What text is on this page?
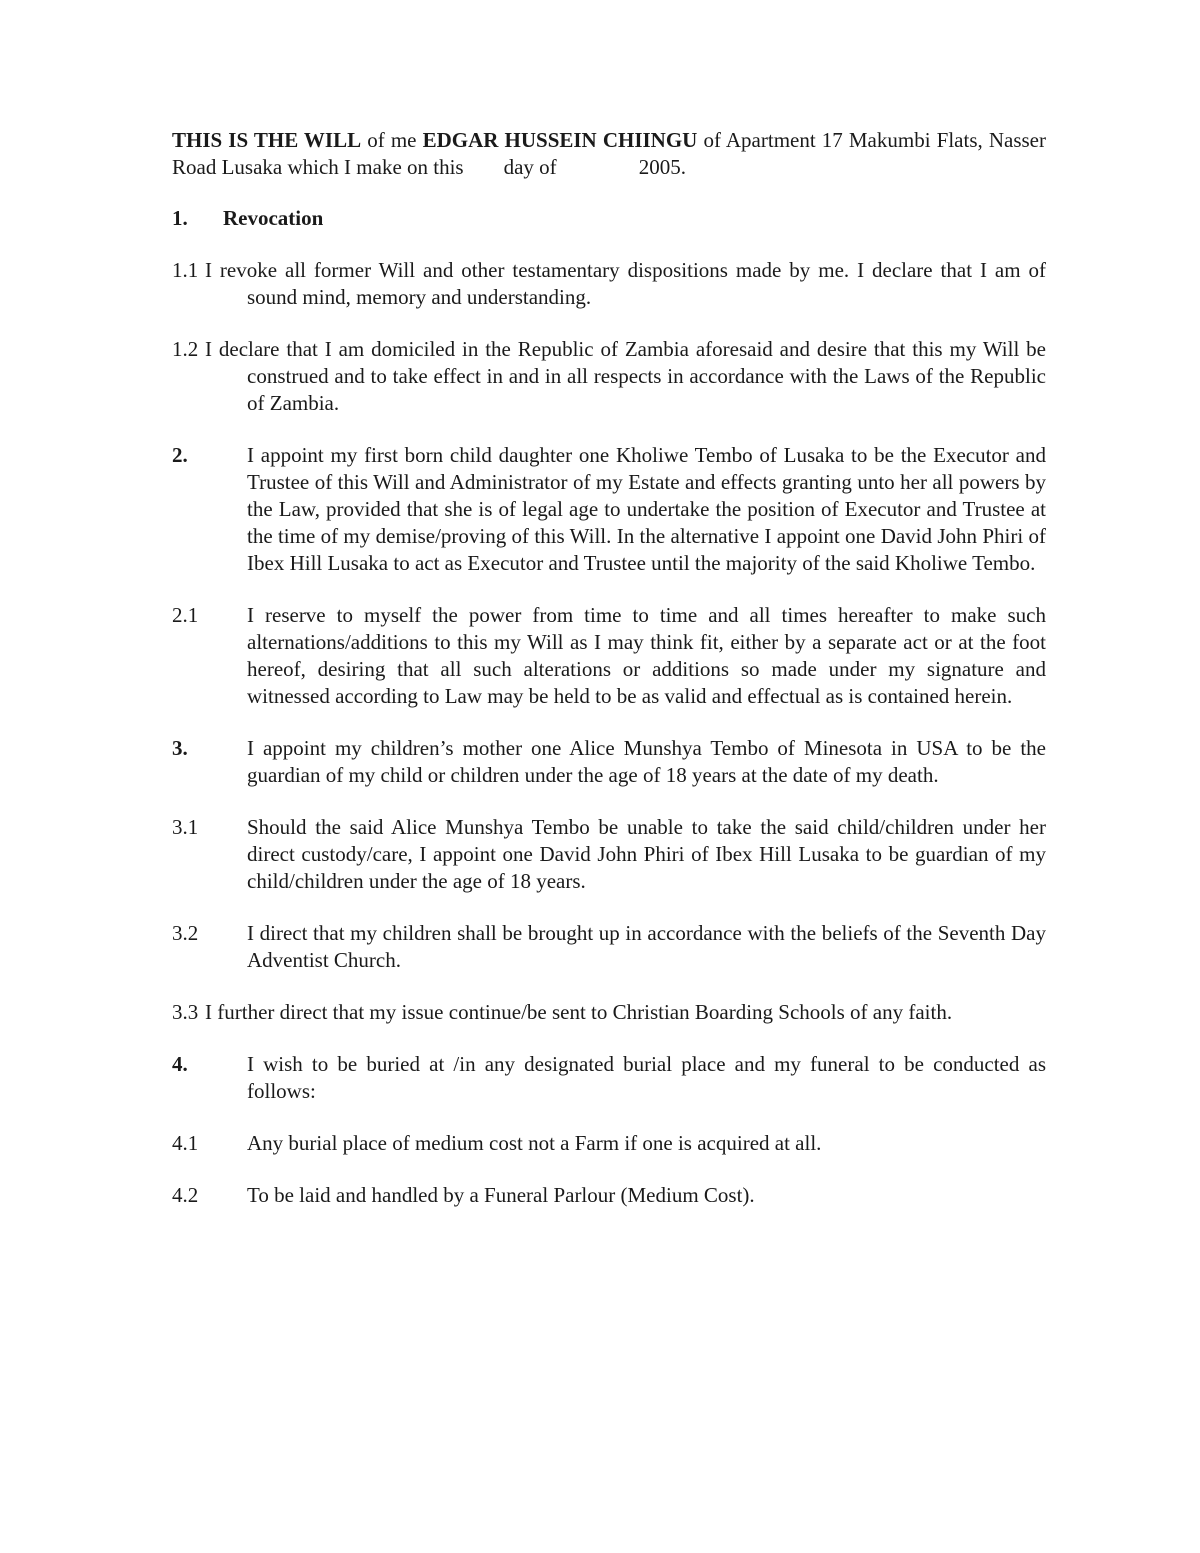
THIS IS THE WILL of me EDGAR HUSSEIN CHIINGU of Apartment 17 Makumbi Flats, Nasser Road Lusaka which I make on this day of	2005.

1. Revocation
1.1 I revoke all former Will and other testamentary dispositions made by me. I declare that I am of sound mind, memory and understanding.
1.2 I declare that I am domiciled in the Republic of Zambia aforesaid and desire that this my Will be construed and to take effect in and in all respects in accordance with the Laws of the Republic of Zambia.
2.	I appoint my first born child daughter one Kholiwe Tembo of Lusaka to be the Executor and Trustee of this Will and Administrator of my Estate and effects granting unto her all powers by the Law, provided that she is of legal age to undertake the position of Executor and Trustee at the time of my demise/proving of this Will. In the alternative I appoint one David John Phiri of Ibex Hill Lusaka to act as Executor and Trustee until the majority of the said Kholiwe Tembo.
2.1 I reserve to myself the power from time to time and all times hereafter to make such alternations/additions to this my Will as I may think fit, either by a separate act or at the foot hereof, desiring that all such alterations or additions so made under my signature and witnessed according to Law may be held to be as valid and effectual as is contained herein.
3.	I appoint my children’s mother one Alice Munshya Tembo of Minesota in USA to be the guardian of my child or children under the age of 18 years at the date of my death.
3.1 Should the said Alice Munshya Tembo be unable to take the said child/children under her direct custody/care, I appoint one David John Phiri of Ibex Hill Lusaka to be guardian of my child/children under the age of 18 years.
3.2 I direct that my children shall be brought up in accordance with the beliefs of the Seventh Day Adventist Church.
3.3 I further direct that my issue continue/be sent to Christian Boarding Schools of any faith.
4.	I wish to be buried at /in any designated burial place and my funeral to be conducted as follows:
4.1 Any burial place of medium cost not a Farm if one is acquired at all.
4.2 To be laid and handled by a Funeral Parlour (Medium Cost).
